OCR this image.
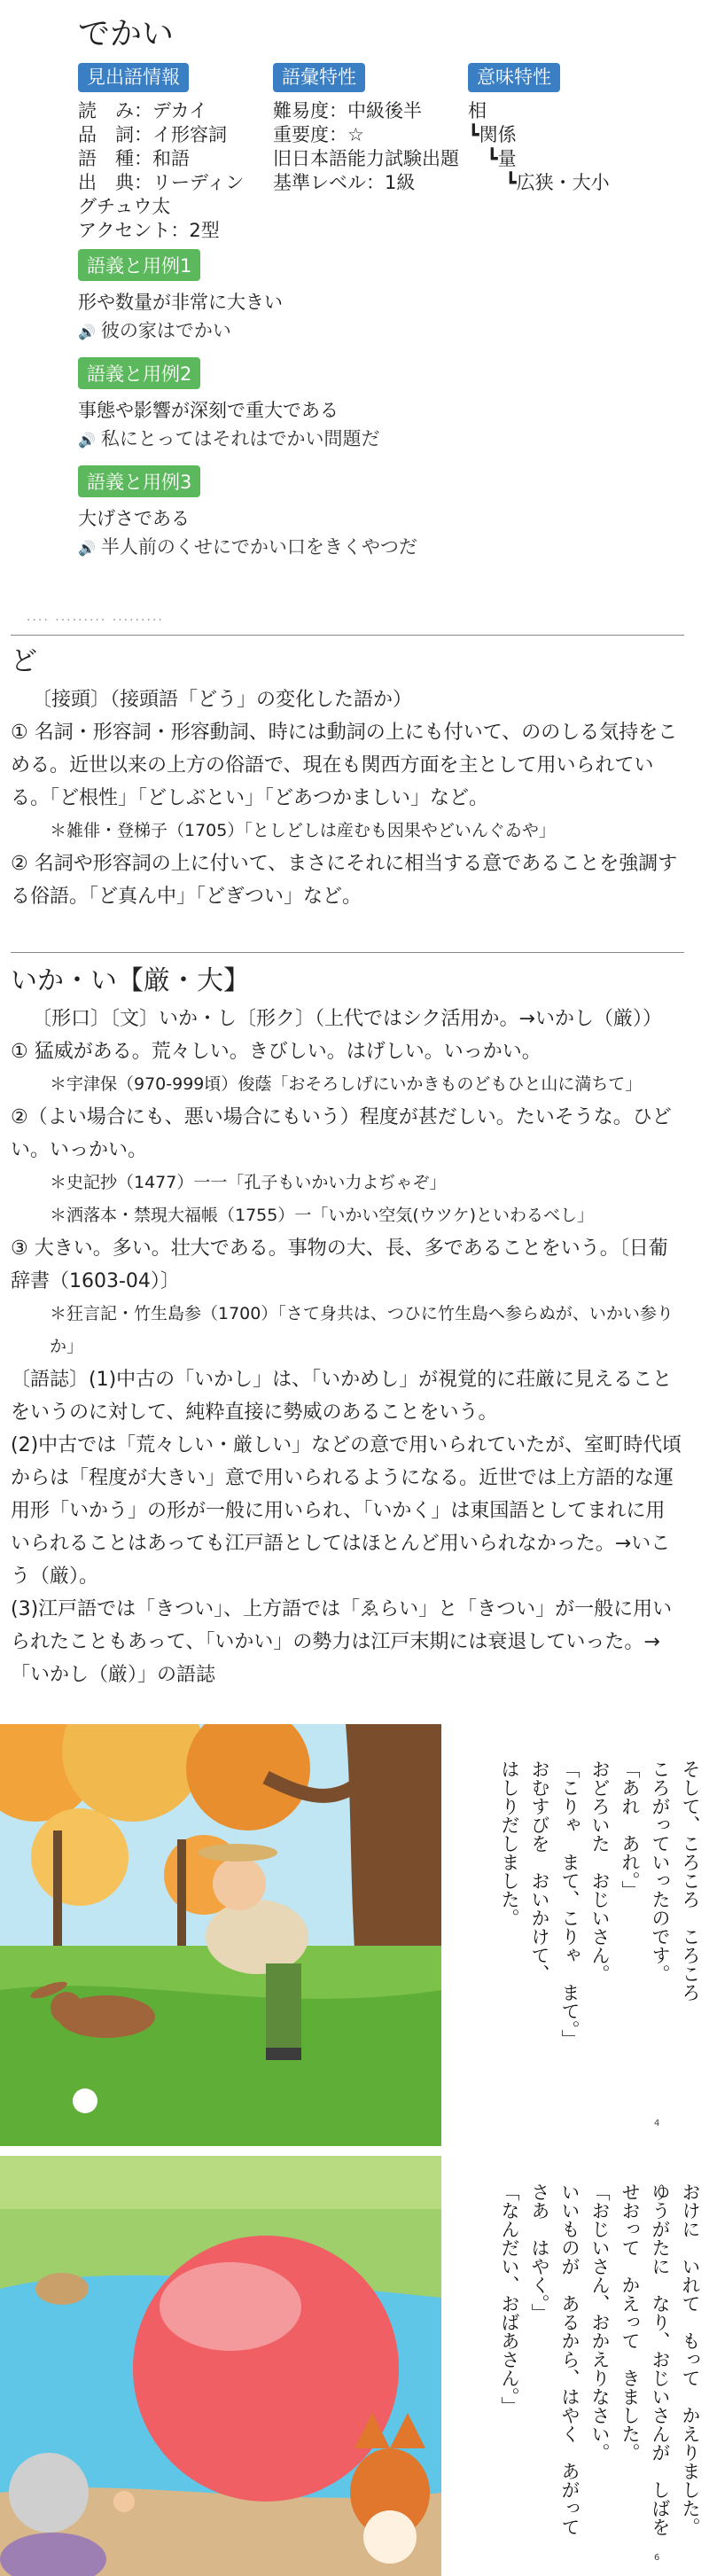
でかい
見出語情報
読　み：デカイ
品　詞：イ形容詞
語　種：和語
出　典：リーディングチュウ太
アクセント：2型
語彙特性
難易度：中級後半
重要度：☆
旧日本語能力試験出題基準レベル：1級
意味特性
相
┗関係
　┗量
　　┗広狭・大小
語義と用例1
形や数量が非常に大きい
🔊 彼の家はでかい
語義と用例2
事態や影響が深刻で重大である
🔊 私にとってはそれはでかい問題だ
語義と用例3
大げさである
🔊 半人前のくせにでかい口をきくやつだ
.... ......... .........
ど
〔接頭〕（接頭語「どう」の変化した語か）
① 名詞・形容詞・形容動詞、時には動詞の上にも付いて、ののしる気持をこめる。近世以来の上方の俗語で、現在も関西方面を主として用いられている。「ど根性」「どしぶとい」「どあつかましい」など。
＊雑俳・登梯子（1705）「としどしは産むも因果やどいんぐゐや」
② 名詞や形容詞の上に付いて、まさにそれに相当する意であることを強調する俗語。「ど真ん中」「どぎつい」など。
いか・い【厳・大】
〔形口〕〔文〕いか・し〔形ク〕（上代ではシク活用か。→いかし（厳））
① 猛威がある。荒々しい。きびしい。はげしい。いっかい。
＊宇津保（970‐999頃）俊蔭「おそろしげにいかきものどもひと山に満ちて」
②（よい場合にも、悪い場合にもいう）程度が甚だしい。たいそうな。ひどい。いっかい。
＊史記抄（1477）一一「孔子もいかい力よぢゃぞ」
＊洒落本・禁現大福帳（1755）一「いかい空気(ウツケ)といわるべし」
③ 大きい。多い。壮大である。事物の大、長、多であることをいう。〔日葡辞書（1603‐04）〕
＊狂言記・竹生島参（1700）「さて身共は、つひに竹生島へ参らぬが、いかい参りか」
〔語誌〕(1)中古の「いかし」は、「いかめし」が視覚的に荘厳に見えることをいうのに対して、純粋直接に勢威のあることをいう。
(2)中古では「荒々しい・厳しい」などの意で用いられていたが、室町時代頃からは「程度が大きい」意で用いられるようになる。近世では上方語的な運用形「いかう」の形が一般に用いられ、「いかく」は東国語としてまれに用いられることはあっても江戸語としてはほとんど用いられなかった。→いこう（厳）。
(3)江戸語では「きつい」、上方語では「ゑらい」と「きつい」が一般に用いられたこともあって、「いかい」の勢力は江戸末期には衰退していった。→「いかし（厳）」の語誌
そして、ころころ　ころころ
ころがっていったのです。
「あれ　あれ。」
おどろいた　おじいさん。
「こりゃ　まて、こりゃ　まて。」
おむすびを　おいかけて、
はしりだしました。
4
おけに　いれて　もって　かえりました。
ゆうがたに　なり、おじいさんが　しばを
せおって　かえって　きました。
「おじいさん、おかえりなさい。
いいものが　あるから、はやく　あがって
さあ　はやく。」
「なんだい、おばあさん。」
6
